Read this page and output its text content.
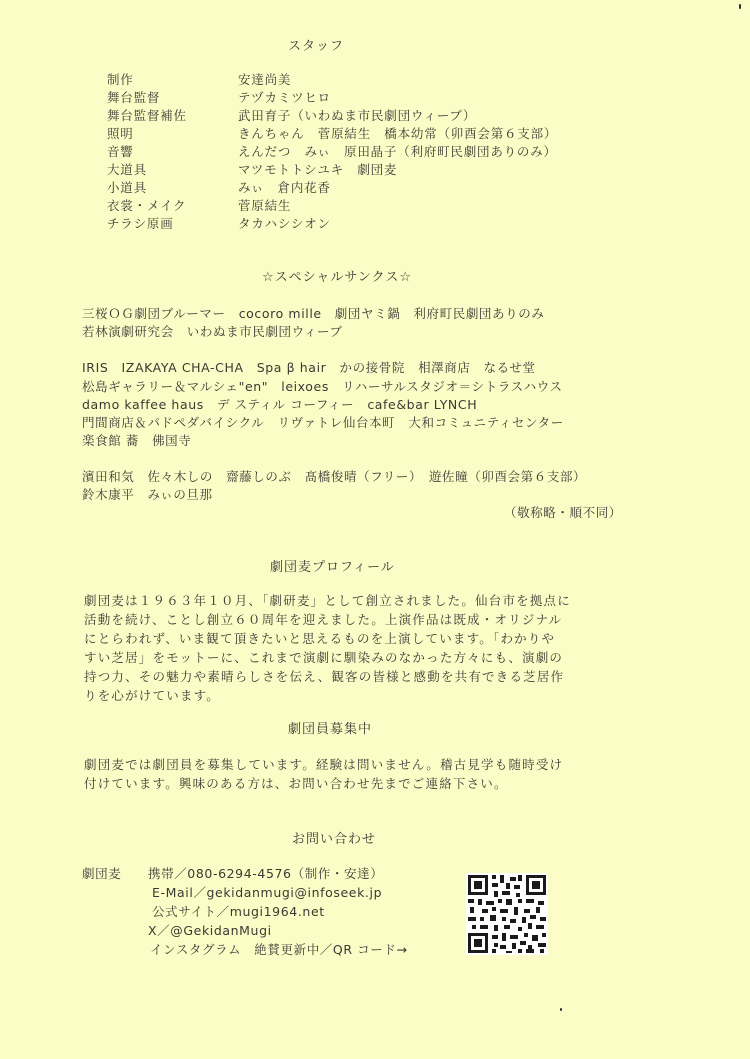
スタッフ
制作	安達尚美
舞台監督	テヅカミツヒロ
舞台監督補佐	武田育子（いわぬま市民劇団ウィーブ）
照明	きんちゃん　菅原結生　橋本幼常（卯酉会第６支部）
音響	えんだつ　みぃ　原田晶子（利府町民劇団ありのみ）
大道具	マツモトトシユキ　劇団麦
小道具	みぃ　倉内花香
衣裳・メイク	菅原結生
チラシ原画	タカハシシオン
☆スペシャルサンクス☆
三桜ＯＧ劇団ブルーマー　cocoro mille　劇団ヤミ鍋　利府町民劇団ありのみ
若林演劇研究会　いわぬま市民劇団ウィーブ
IRIS　IZAKAYA CHA-CHA　Spa β hair　かの接骨院　相澤商店　なるせ堂
松島ギャラリー＆マルシェ"en"　leixoes　リハーサルスタジオ＝シトラスハウス
damo kaffee haus　デ スティル コーフィー　cafe&bar LYNCH
門間商店＆パドペダバイシクル　リヴァトレ仙台本町　大和コミュニティセンター
楽食館 蕎　佛国寺
濱田和気　佐々木しの　齋藤しのぶ　髙橋俊晴（フリー）　遊佐瞳（卯酉会第６支部）
鈴木康平　みぃの旦那
（敬称略・順不同）
劇団麦プロフィール
劇団麦は１９６３年１０月、「劇研麦」として創立されました。仙台市を拠点に
活動を続け、ことし創立６０周年を迎えました。上演作品は既成・オリジナル
にとらわれず、いま観て頂きたいと思えるものを上演しています。「わかりや
すい芝居」をモットーに、これまで演劇に馴染みのなかった方々にも、演劇の
持つ力、その魅力や素晴らしさを伝え、観客の皆様と感動を共有できる芝居作
りを心がけています。
劇団員募集中
劇団麦では劇団員を募集しています。経験は問いません。稽古見学も随時受け
付けています。興味のある方は、お問い合わせ先までご連絡下さい。
お問い合わせ
劇団麦 携帯／080-6294-4576（制作・安達）
E-Mail／gekidanmugi@infoseek.jp
公式サイト／mugi1964.net
X／@GekidanMugi
インスタグラム　絶賛更新中／QR コード→
